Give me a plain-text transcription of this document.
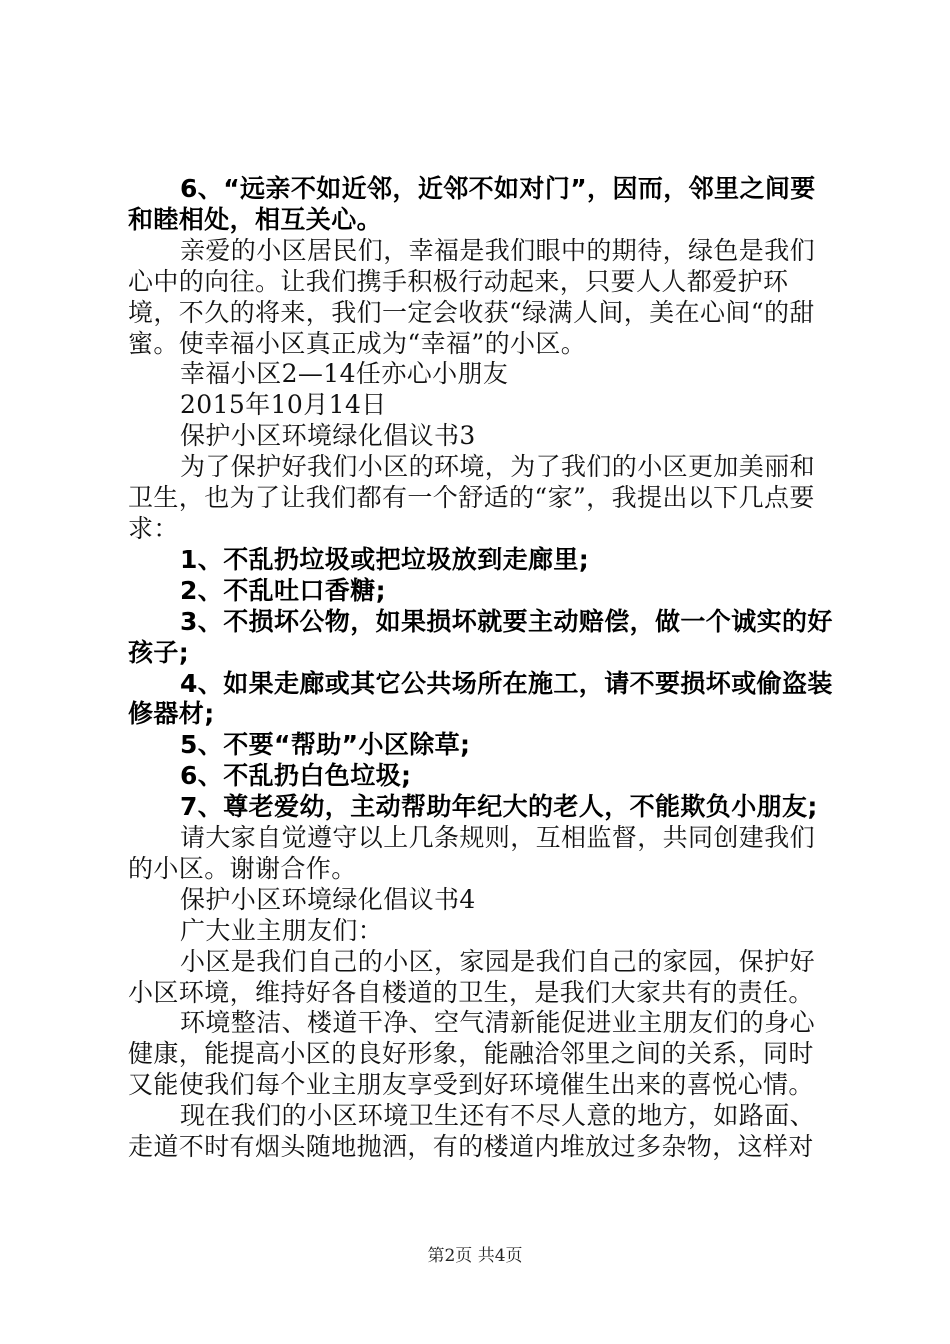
6、“远亲不如近邻，近邻不如对门”，因而，邻里之间要和睦相处，相互关心。

亲爱的小区居民们，幸福是我们眼中的期待，绿色是我们心中的向往。让我们携手积极行动起来，只要人人都爱护环境，不久的将来，我们一定会收获“绿满人间，美在心间“的甜蜜。使幸福小区真正成为“幸福”的小区。

幸福小区2—14任亦心小朋友

2015年10月14日

保护小区环境绿化倡议书3

为了保护好我们小区的环境，为了我们的小区更加美丽和卫生，也为了让我们都有一个舒适的“家”，我提出以下几点要求：

1、不乱扔垃圾或把垃圾放到走廊里;

2、不乱吐口香糖;

3、不损坏公物，如果损坏就要主动赔偿，做一个诚实的好孩子;

4、如果走廊或其它公共场所在施工，请不要损坏或偷盗装修器材;

5、不要“帮助”小区除草;

6、不乱扔白色垃圾;

7、尊老爱幼，主动帮助年纪大的老人，不能欺负小朋友;

请大家自觉遵守以上几条规则，互相监督，共同创建我们的小区。谢谢合作。

保护小区环境绿化倡议书4

广大业主朋友们：

小区是我们自己的小区，家园是我们自己的家园，保护好小区环境，维持好各自楼道的卫生，是我们大家共有的责任。

环境整洁、楼道干净、空气清新能促进业主朋友们的身心健康，能提高小区的良好形象，能融洽邻里之间的关系，同时又能使我们每个业主朋友享受到好环境催生出来的喜悦心情。

现在我们的小区环境卫生还有不尽人意的地方，如路面、走道不时有烟头随地抛洒，有的楼道内堆放过多杂物，这样对

第2页 共4页
